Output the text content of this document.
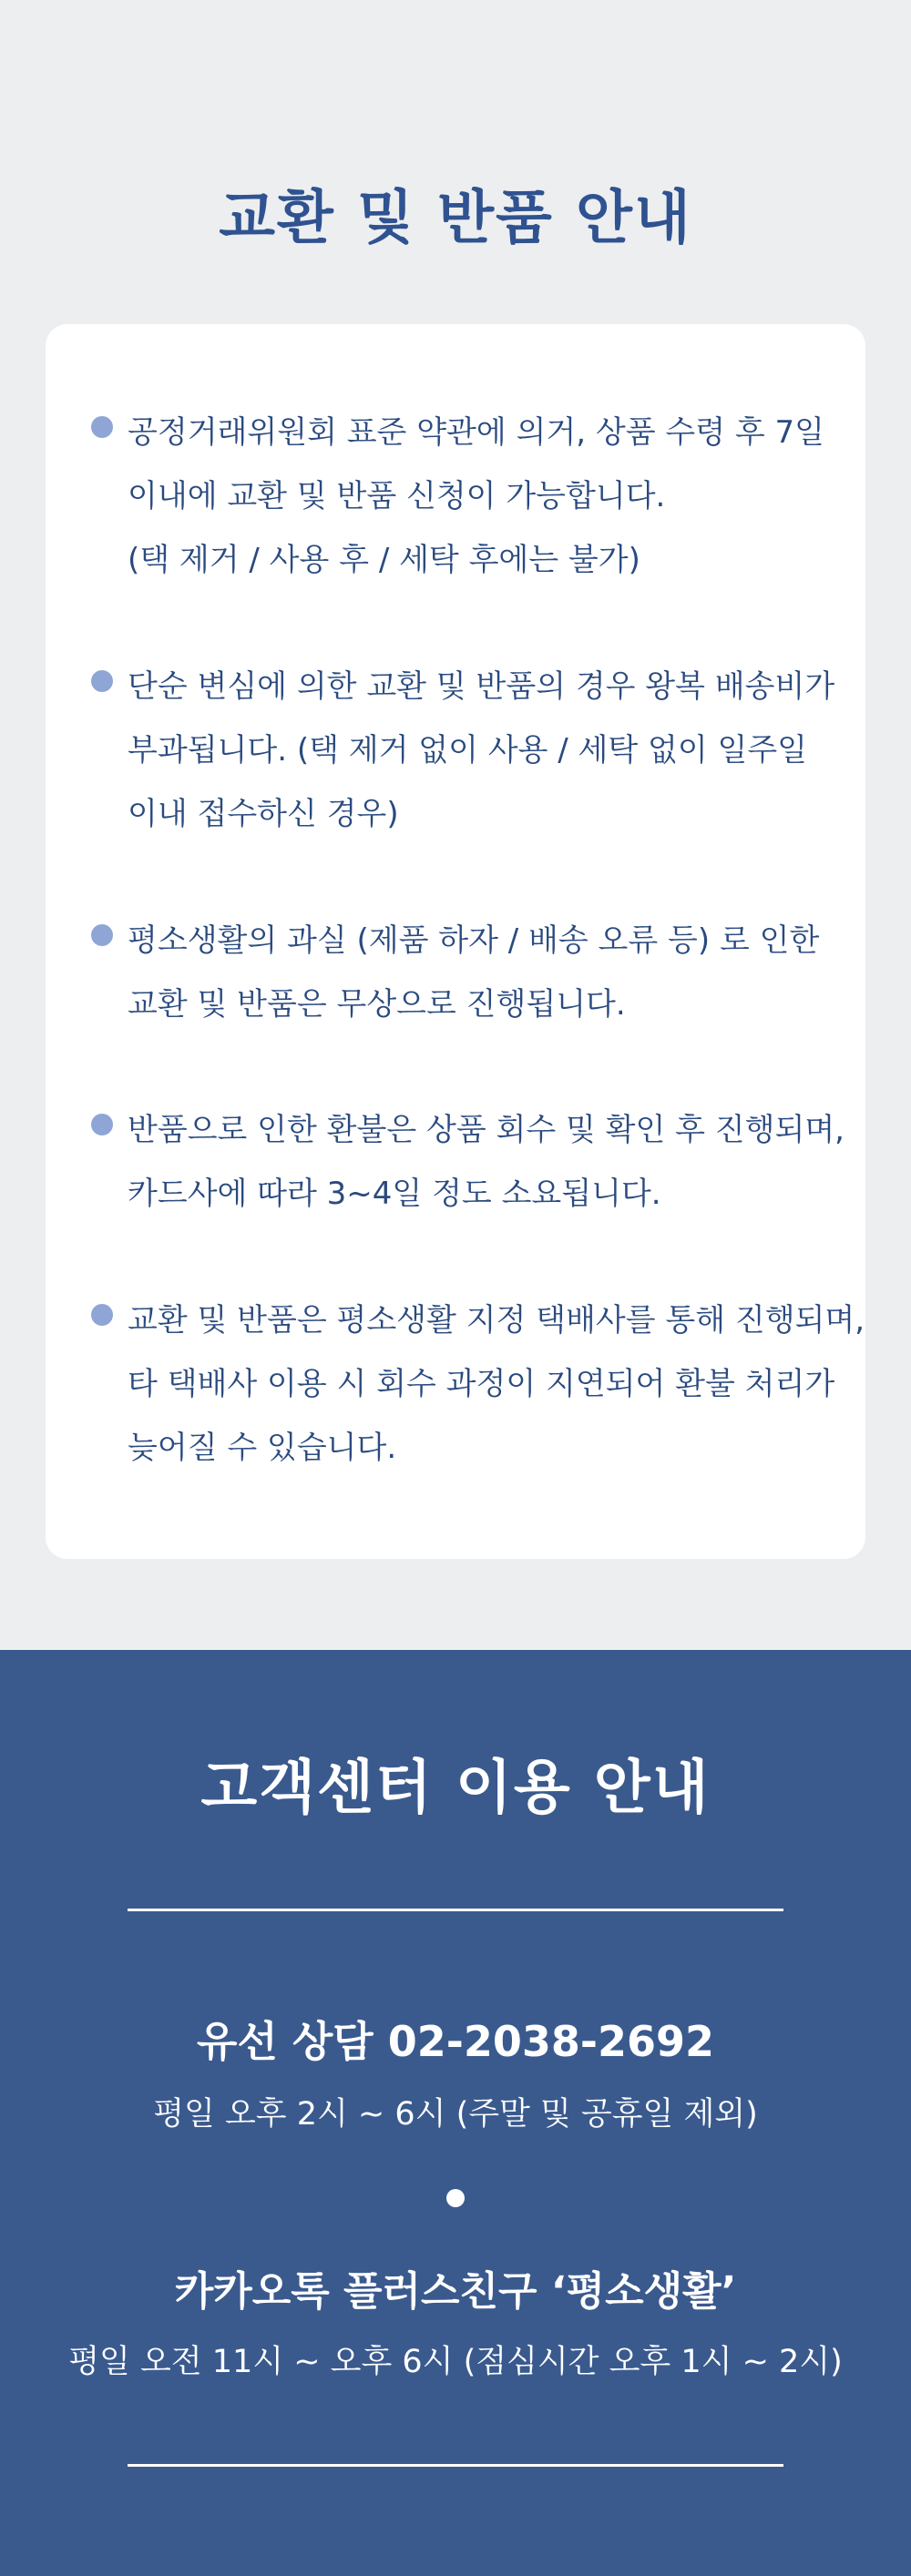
교환 및 반품 안내
공정거래위원회 표준 약관에 의거, 상품 수령 후 7일
이내에 교환 및 반품 신청이 가능합니다.
(택 제거 / 사용 후 / 세탁 후에는 불가)
단순 변심에 의한 교환 및 반품의 경우 왕복 배송비가
부과됩니다. (택 제거 없이 사용 / 세탁 없이 일주일
이내 접수하신 경우)
평소생활의 과실 (제품 하자 / 배송 오류 등) 로 인한
교환 및 반품은 무상으로 진행됩니다.
반품으로 인한 환불은 상품 회수 및 확인 후 진행되며,
카드사에 따라 3~4일 정도 소요됩니다.
교환 및 반품은 평소생활 지정 택배사를 통해 진행되며,
타 택배사 이용 시 회수 과정이 지연되어 환불 처리가
늦어질 수 있습니다.
고객센터 이용 안내
유선 상담 02-2038-2692
평일 오후 2시 ~ 6시 (주말 및 공휴일 제외)
카카오톡 플러스친구 ‘평소생활’
평일 오전 11시 ~ 오후 6시 (점심시간 오후 1시 ~ 2시)
